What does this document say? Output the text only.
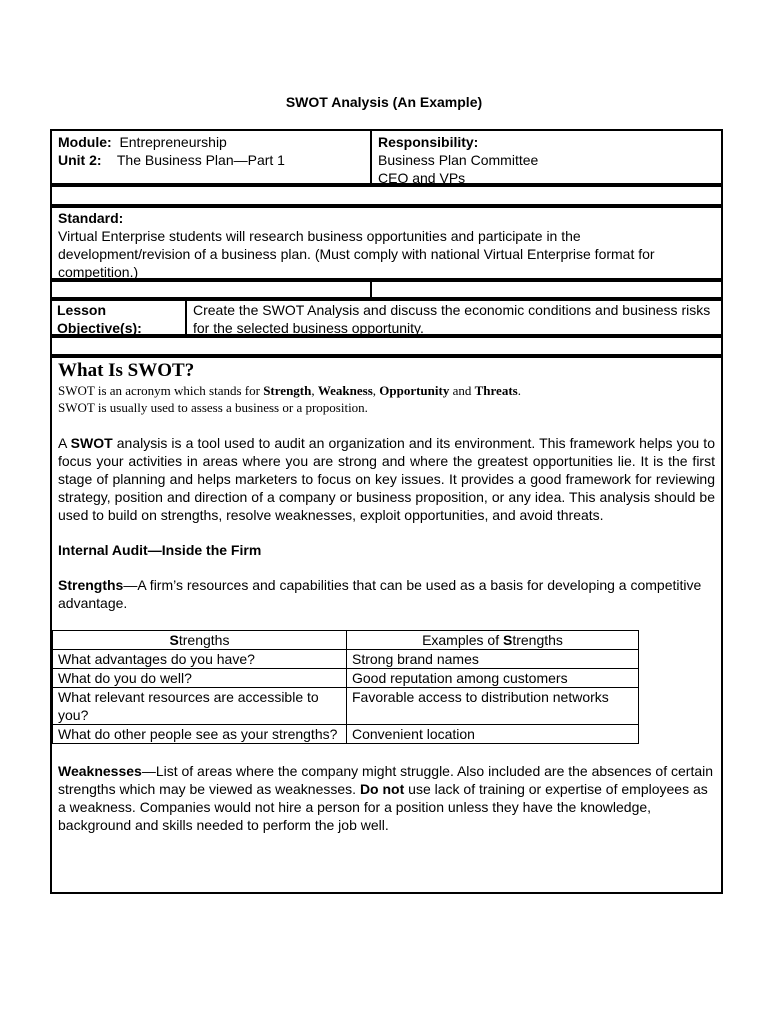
SWOT Analysis (An Example)
Module: Entrepreneurship
Unit 2: The Business Plan—Part 1
Responsibility:
Business Plan Committee
CEO and VPs
Standard:
Virtual Enterprise students will research business opportunities and participate in the development/revision of a business plan. (Must comply with national Virtual Enterprise format for competition.)
Lesson Objective(s):
Create the SWOT Analysis and discuss the economic conditions and business risks for the selected business opportunity.
What Is SWOT?
SWOT is an acronym which stands for Strength, Weakness, Opportunity and Threats.
SWOT is usually used to assess a business or a proposition.

A SWOT analysis is a tool used to audit an organization and its environment. This framework helps you to focus your activities in areas where you are strong and where the greatest opportunities lie. It is the first stage of planning and helps marketers to focus on key issues. It provides a good framework for reviewing strategy, position and direction of a company or business proposition, or any idea. This analysis should be used to build on strengths, resolve weaknesses, exploit opportunities, and avoid threats.

Internal Audit—Inside the Firm

Strengths—A firm’s resources and capabilities that can be used as a basis for developing a competitive advantage.

Strengths	Examples of Strengths
What advantages do you have?	Strong brand names
What do you do well?	Good reputation among customers
What relevant resources are accessible to you?	Favorable access to distribution networks
What do other people see as your strengths?	Convenient location

Weaknesses—List of areas where the company might struggle. Also included are the absences of certain strengths which may be viewed as weaknesses. Do not use lack of training or expertise of employees as a weakness. Companies would not hire a person for a position unless they have the knowledge, background and skills needed to perform the job well.
